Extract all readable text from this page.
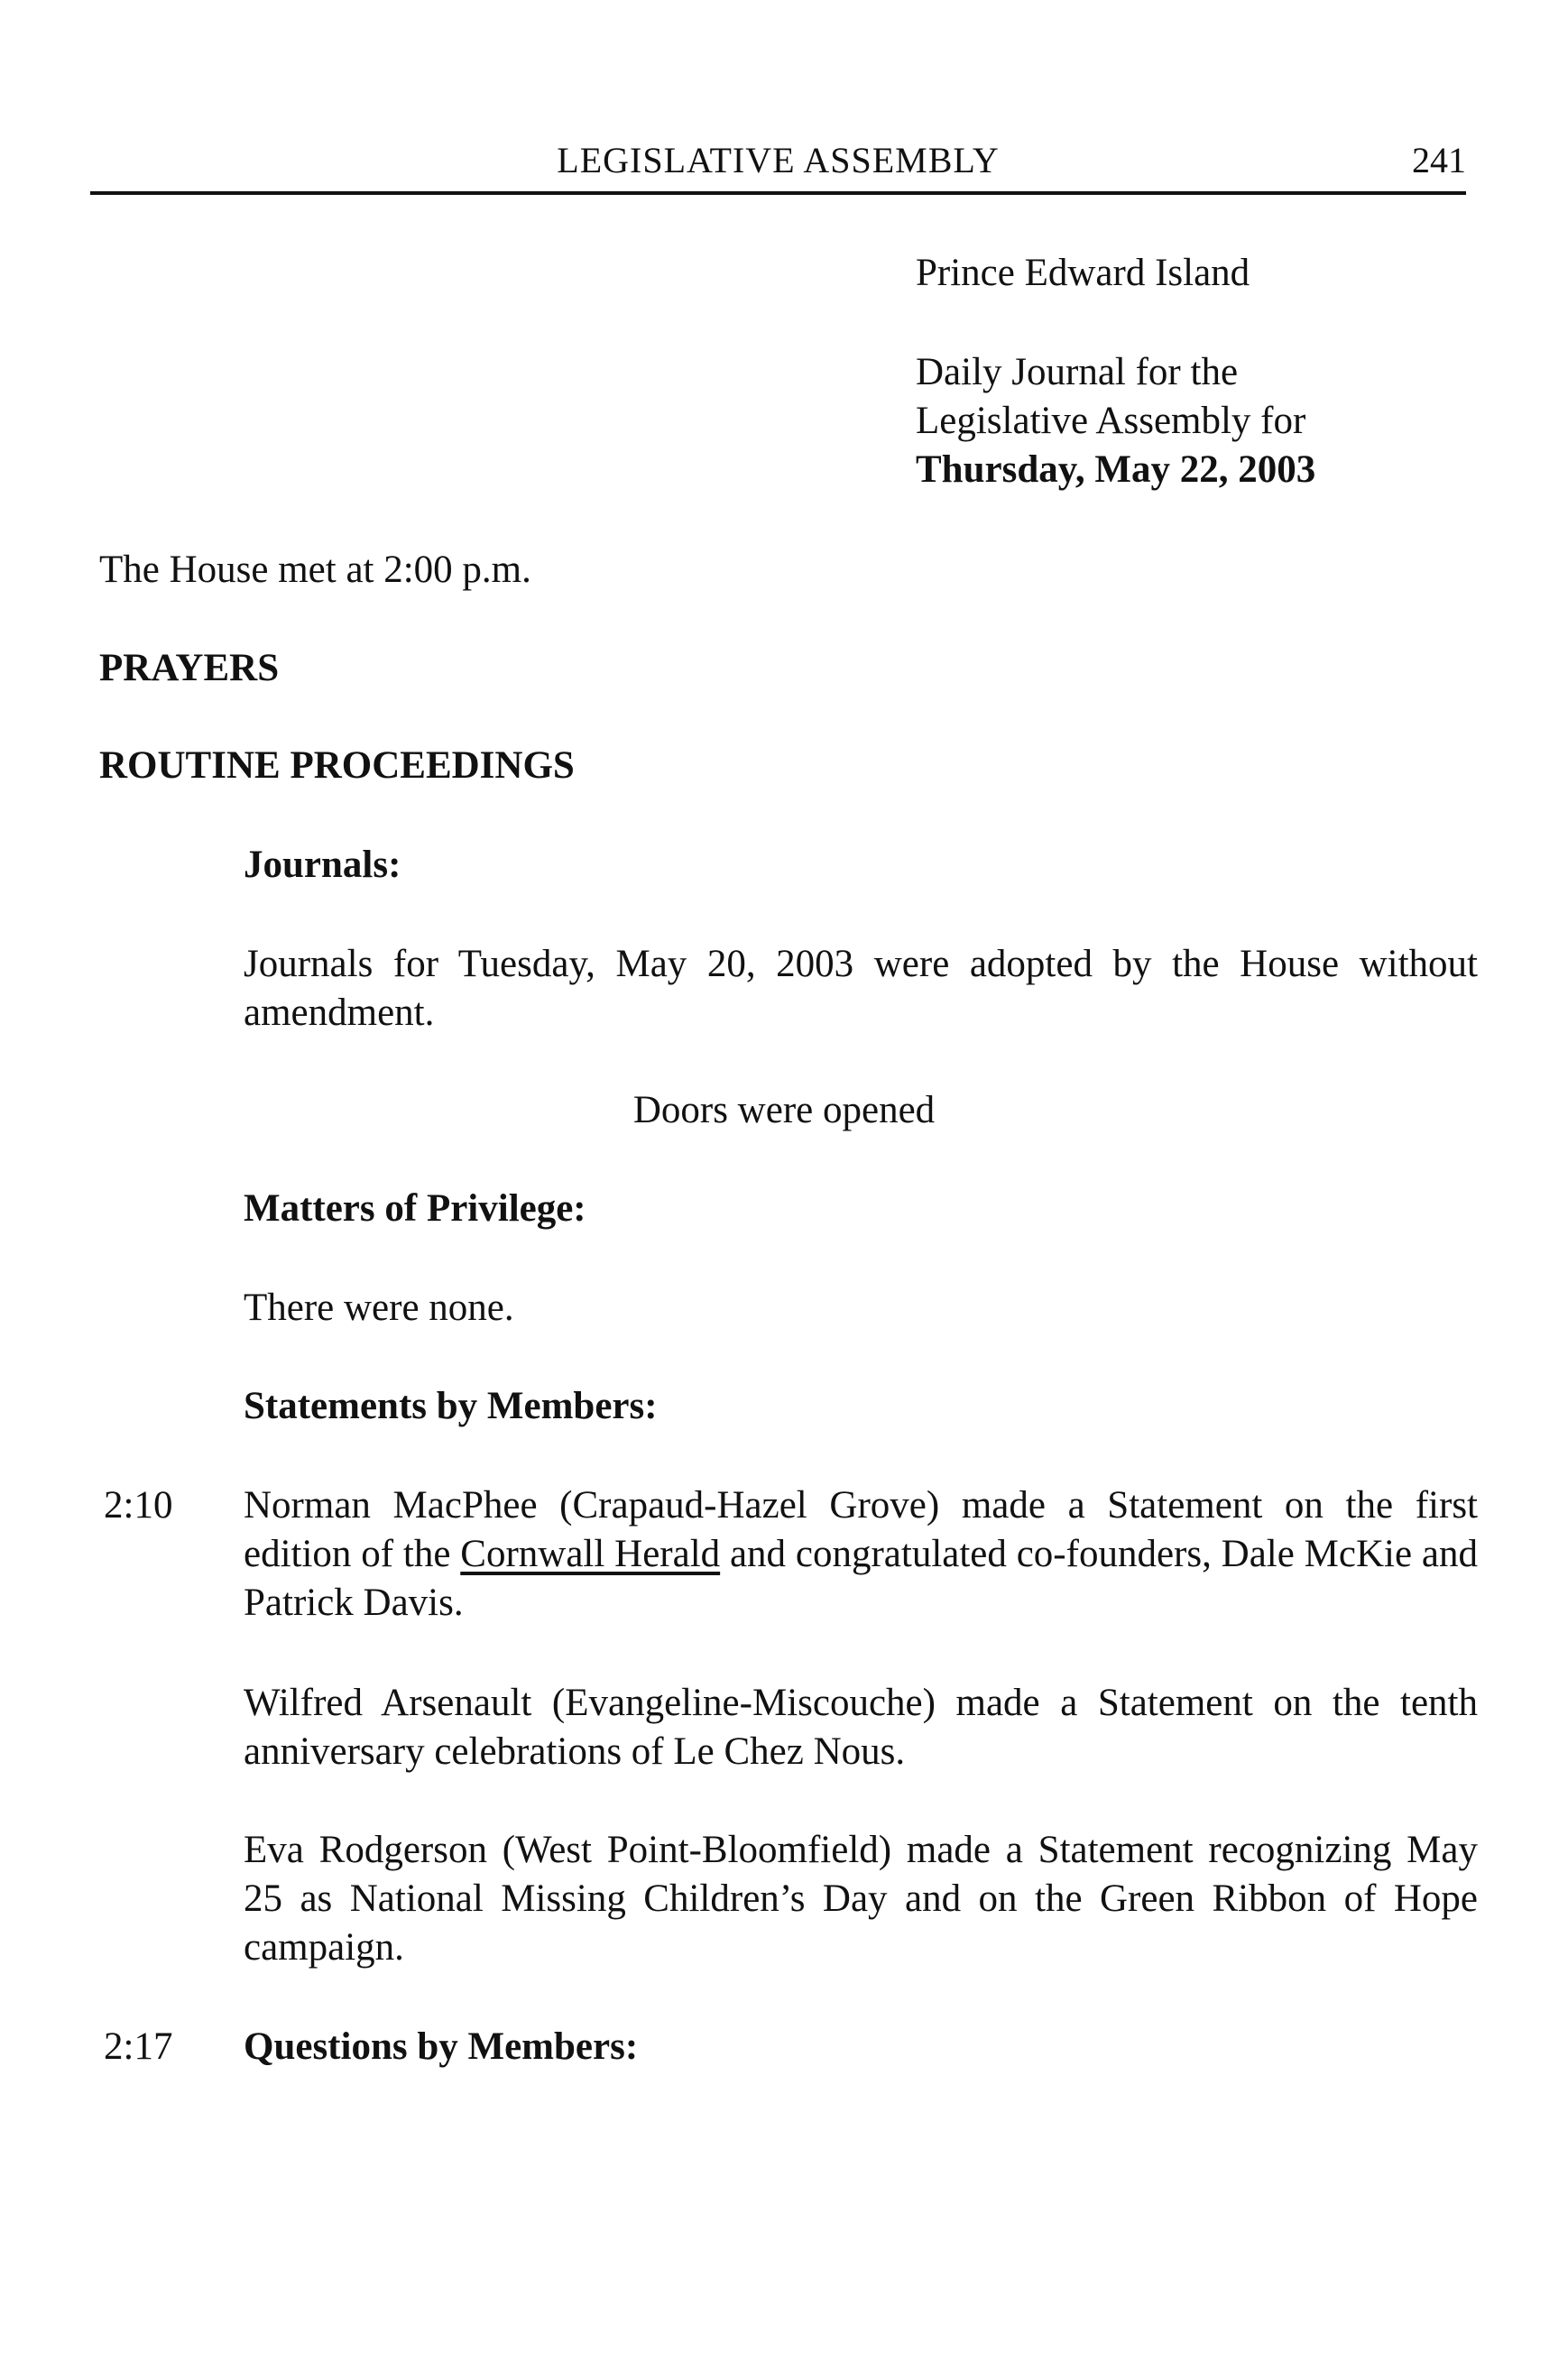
LEGISLATIVE ASSEMBLY	241
Prince Edward Island
Daily Journal for the
Legislative Assembly for
Thursday, May 22, 2003
The House met at 2:00 p.m.
PRAYERS
ROUTINE PROCEEDINGS
Journals:
Journals for Tuesday, May 20, 2003 were adopted by the House without amendment.
Doors were opened
Matters of Privilege:
There were none.
Statements by Members:
2:10 Norman MacPhee (Crapaud-Hazel Grove) made a Statement on the first edition of the Cornwall Herald and congratulated co-founders, Dale McKie and Patrick Davis.
Wilfred Arsenault (Evangeline-Miscouche) made a Statement on the tenth anniversary celebrations of Le Chez Nous.
Eva Rodgerson (West Point-Bloomfield) made a Statement recognizing May 25 as National Missing Children’s Day and on the Green Ribbon of Hope campaign.
2:17 Questions by Members:
